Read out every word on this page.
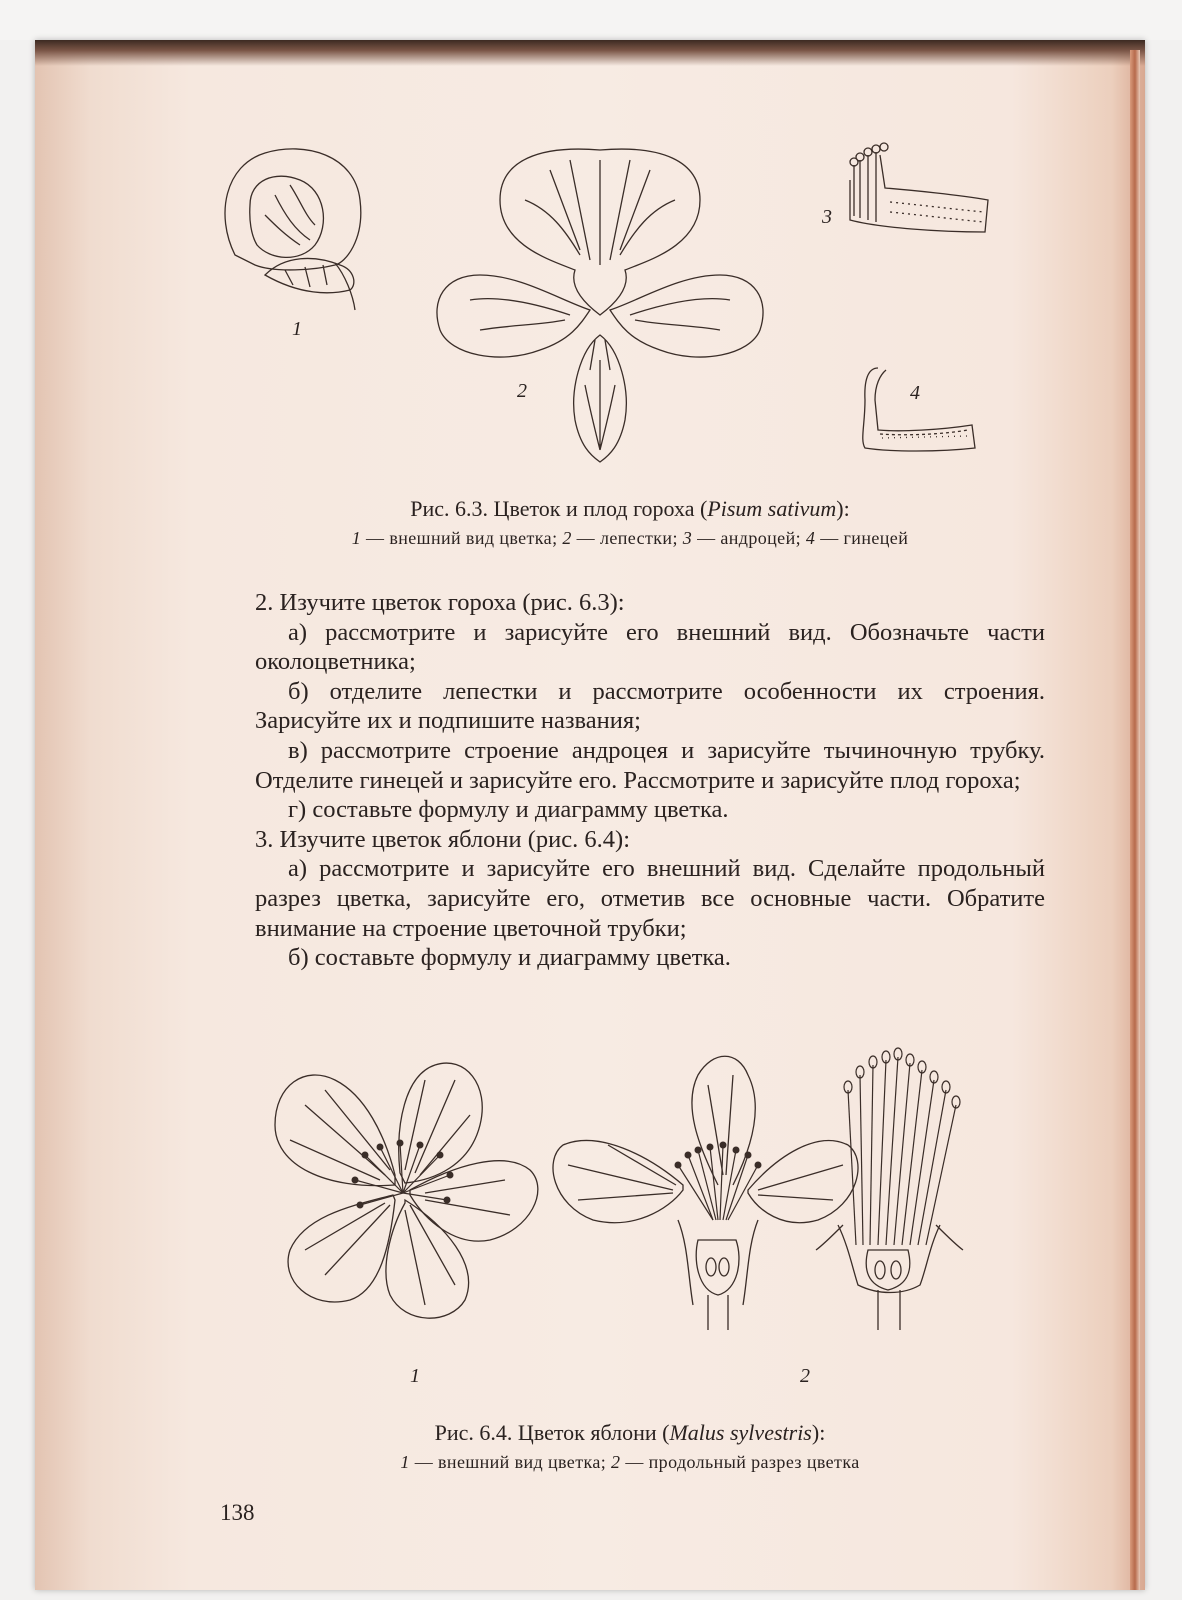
1
2
3
4
Рис. 6.3. Цветок и плод гороха (Pisum sativum):
1 — внешний вид цветка; 2 — лепестки; 3 — андроцей; 4 — гинецей

2. Изучите цветок гороха (рис. 6.3):

а) рассмотрите и зарисуйте его внешний вид. Обозначьте части околоцветника;

б) отделите лепестки и рассмотрите особенности их строения. Зарисуйте их и подпишите названия;

в) рассмотрите строение андроцея и зарисуйте тычиночную трубку. Отделите гинецей и зарисуйте его. Рассмотрите и зарисуйте плод гороха;

г) составьте формулу и диаграмму цветка.

3. Изучите цветок яблони (рис. 6.4):

а) рассмотрите и зарисуйте его внешний вид. Сделайте продольный разрез цветка, зарисуйте его, отметив все основные части. Обратите внимание на строение цветочной трубки;

б) составьте формулу и диаграмму цветка.

1	2
Рис. 6.4. Цветок яблони (Malus sylvestris):
1 — внешний вид цветка; 2 — продольный разрез цветка
138
